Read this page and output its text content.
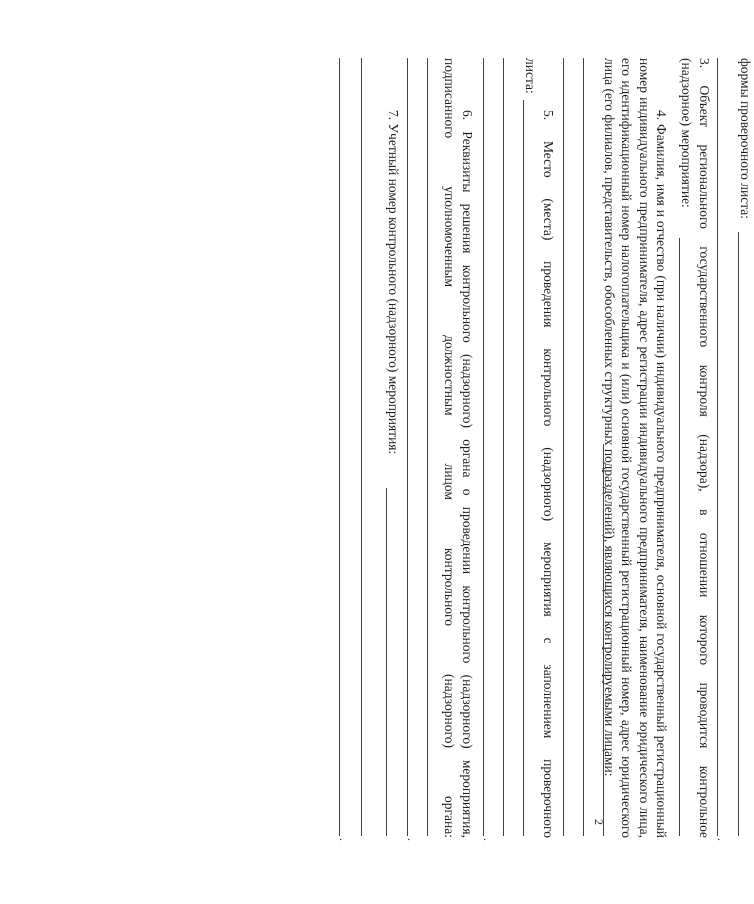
2
формы проверочного листа:
.
3. Объект регионального государственного контроля (надзора), в отношении которого проводится контрольное
(надзорное) мероприятие:
4. Фамилия, имя и отчество (при наличии) индивидуального предпринимателя, основной государственный регистрационный номер индивидуального предпринимателя, адрес регистрации индивидуального предпринимателя, наименование юридического лица, его идентификационный номер налогоплательщика и (или) основной государственный регистрационный номер, адрес юридического лица (его филиалов, представительств, обособленных структурных подразделений), являющихся контролируемыми лицами:
5. Место (места) проведения контрольного (надзорного) мероприятия с заполнением проверочного
листа:
.
6. Реквизиты решения контрольного (надзорного) органа о проведении контрольного (надзорного) мероприятия,
подписанного уполномоченным должностным лицом контрольного (надзорного) органа:
.
7. Учетный номер контрольного (надзорного) мероприятия:
.
